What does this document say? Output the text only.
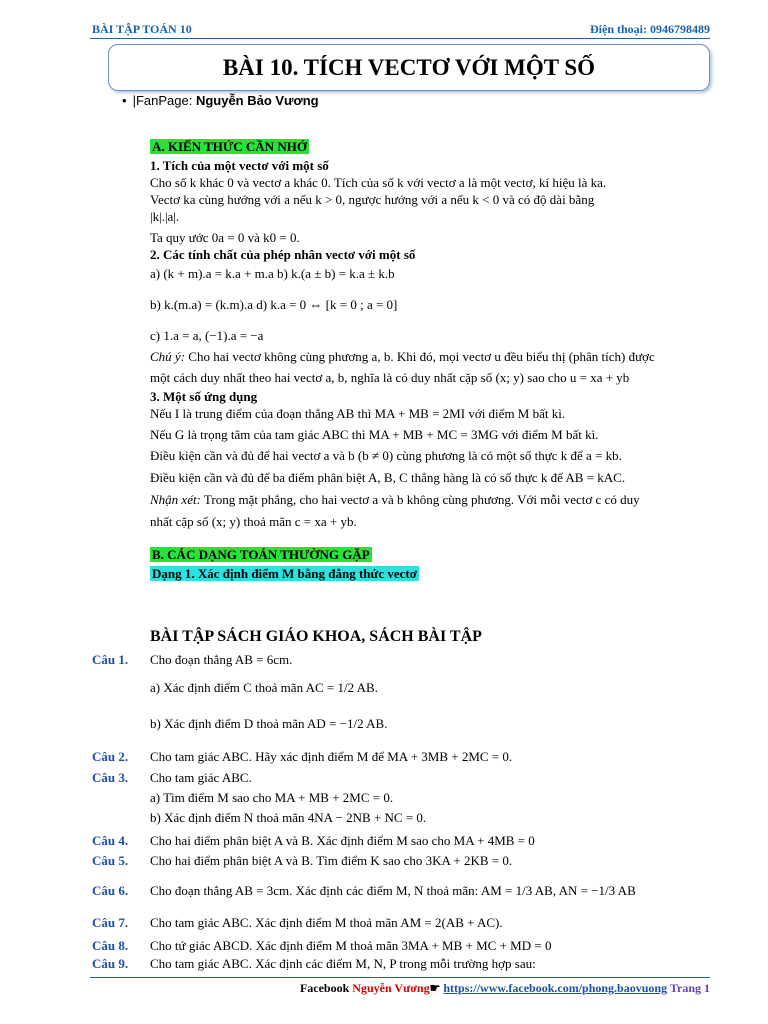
BÀI TẬP TOÁN 10	Điện thoại: 0946798489
BÀI 10. TÍCH VECTƠ VỚI MỘT SỐ
• |FanPage: Nguyễn Bảo Vương
A. KIẾN THỨC CẦN NHỚ
1. Tích của một vectơ với một số
Cho số k khác 0 và vectơ a khác 0. Tích của số k với vectơ a là một vectơ, kí hiệu là ka.
Vectơ ka cùng hướng với a nếu k > 0, ngược hướng với a nếu k < 0 và có độ dài bằng
|k|.|a|.
Ta quy ước 0a = 0 và k0 = 0.
2. Các tính chất của phép nhân vectơ với một số
a) (k + m).a = k.a + m.a b) k.(a ± b) = k.a ± k.b
b) k.(m.a) = (k.m).a d) k.a = 0 ⇔ [k = 0 ; a = 0]
c) 1.a = a, (−1).a = −a
Chú ý: Cho hai vectơ không cùng phương a, b. Khi đó, mọi vectơ u đều biểu thị (phân tích) được
một cách duy nhất theo hai vectơ a, b, nghĩa là có duy nhất cặp số (x; y) sao cho u = xa + yb
3. Một số ứng dụng
Nếu I là trung điểm của đoạn thẳng AB thì MA + MB = 2MI với điểm M bất kì.
Nếu G là trọng tâm của tam giác ABC thì MA + MB + MC = 3MG với điểm M bất kì.
Điều kiện cần và đủ để hai vectơ a và b (b ≠ 0) cùng phương là có một số thực k để a = kb.
Điều kiện cần và đủ để ba điểm phân biệt A, B, C thẳng hàng là có số thực k để AB = kAC.
Nhận xét: Trong mặt phẳng, cho hai vectơ a và b không cùng phương. Với mỗi vectơ c có duy
nhất cặp số (x; y) thoả mãn c = xa + yb.
B. CÁC DẠNG TOÁN THƯỜNG GẶP
Dạng 1. Xác định điểm M bằng đẳng thức vectơ
BÀI TẬP SÁCH GIÁO KHOA, SÁCH BÀI TẬP
Câu 1. Cho đoạn thẳng AB = 6cm.
a) Xác định điểm C thoả mãn AC = 1/2 AB.
b) Xác định điểm D thoả mãn AD = −1/2 AB.
Câu 2. Cho tam giác ABC. Hãy xác định điểm M để MA + 3MB + 2MC = 0.
Câu 3. Cho tam giác ABC.
a) Tìm điểm M sao cho MA + MB + 2MC = 0.
b) Xác định điểm N thoả mãn 4NA − 2NB + NC = 0.
Câu 4. Cho hai điểm phân biệt A và B. Xác định điểm M sao cho MA + 4MB = 0
Câu 5. Cho hai điểm phân biệt A và B. Tìm điểm K sao cho 3KA + 2KB = 0.
Câu 6. Cho đoạn thẳng AB = 3cm. Xác định các điểm M, N thoả mãn: AM = 1/3 AB, AN = −1/3 AB
Câu 7. Cho tam giác ABC. Xác định điểm M thoả mãn AM = 2(AB + AC).
Câu 8. Cho tứ giác ABCD. Xác định điểm M thoả mãn 3MA + MB + MC + MD = 0
Câu 9. Cho tam giác ABC. Xác định các điểm M, N, P trong mỗi trường hợp sau:
Facebook Nguyễn Vương☛ https://www.facebook.com/phong.baovuong Trang 1
